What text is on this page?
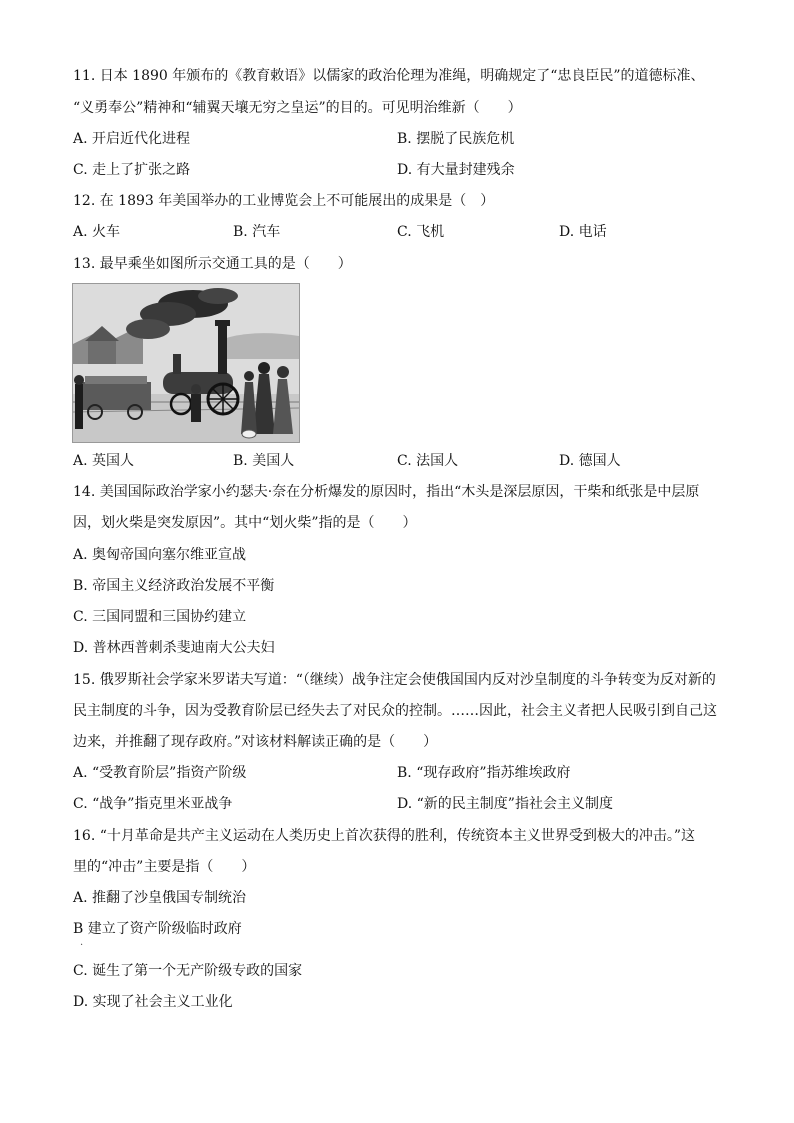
11. 日本 1890 年颁布的《教育敕语》以儒家的政治伦理为准绳，明确规定了“忠良臣民”的道德标准、
“义勇奉公”精神和“辅翼天壤无穷之皇运”的目的。可见明治维新（　　）
A. 开启近代化进程	B. 摆脱了民族危机
C. 走上了扩张之路	D. 有大量封建残余
12. 在 1893 年美国举办的工业博览会上不可能展出的成果是（　）
A. 火车	B. 汽车	C. 飞机	D. 电话
13. 最早乘坐如图所示交通工具的是（　　）
A. 英国人	B. 美国人	C. 法国人	D. 德国人
14. 美国国际政治学家小约瑟夫·奈在分析爆发的原因时，指出“木头是深层原因，干柴和纸张是中层原
因，划火柴是突发原因”。其中“划火柴”指的是（　　）
A. 奥匈帝国向塞尔维亚宣战
B. 帝国主义经济政治发展不平衡
C. 三国同盟和三国协约建立
D. 普林西普刺杀斐迪南大公夫妇
15. 俄罗斯社会学家米罗诺夫写道：“（继续）战争注定会使俄国国内反对沙皇制度的斗争转变为反对新的
民主制度的斗争，因为受教育阶层已经失去了对民众的控制。……因此，社会主义者把人民吸引到自己这
边来，并推翻了现存政府。”对该材料解读正确的是（　　）
A. “受教育阶层”指资产阶级	B. “现存政府”指苏维埃政府
C. “战争”指克里米亚战争	D. “新的民主制度”指社会主义制度
16. “十月革命是共产主义运动在人类历史上首次获得的胜利，传统资本主义世界受到极大的冲击。”这
里的“冲击”主要是指（　　）
A. 推翻了沙皇俄国专制统治
B 建立了资产阶级临时政府
·
C. 诞生了第一个无产阶级专政的国家
D. 实现了社会主义工业化
